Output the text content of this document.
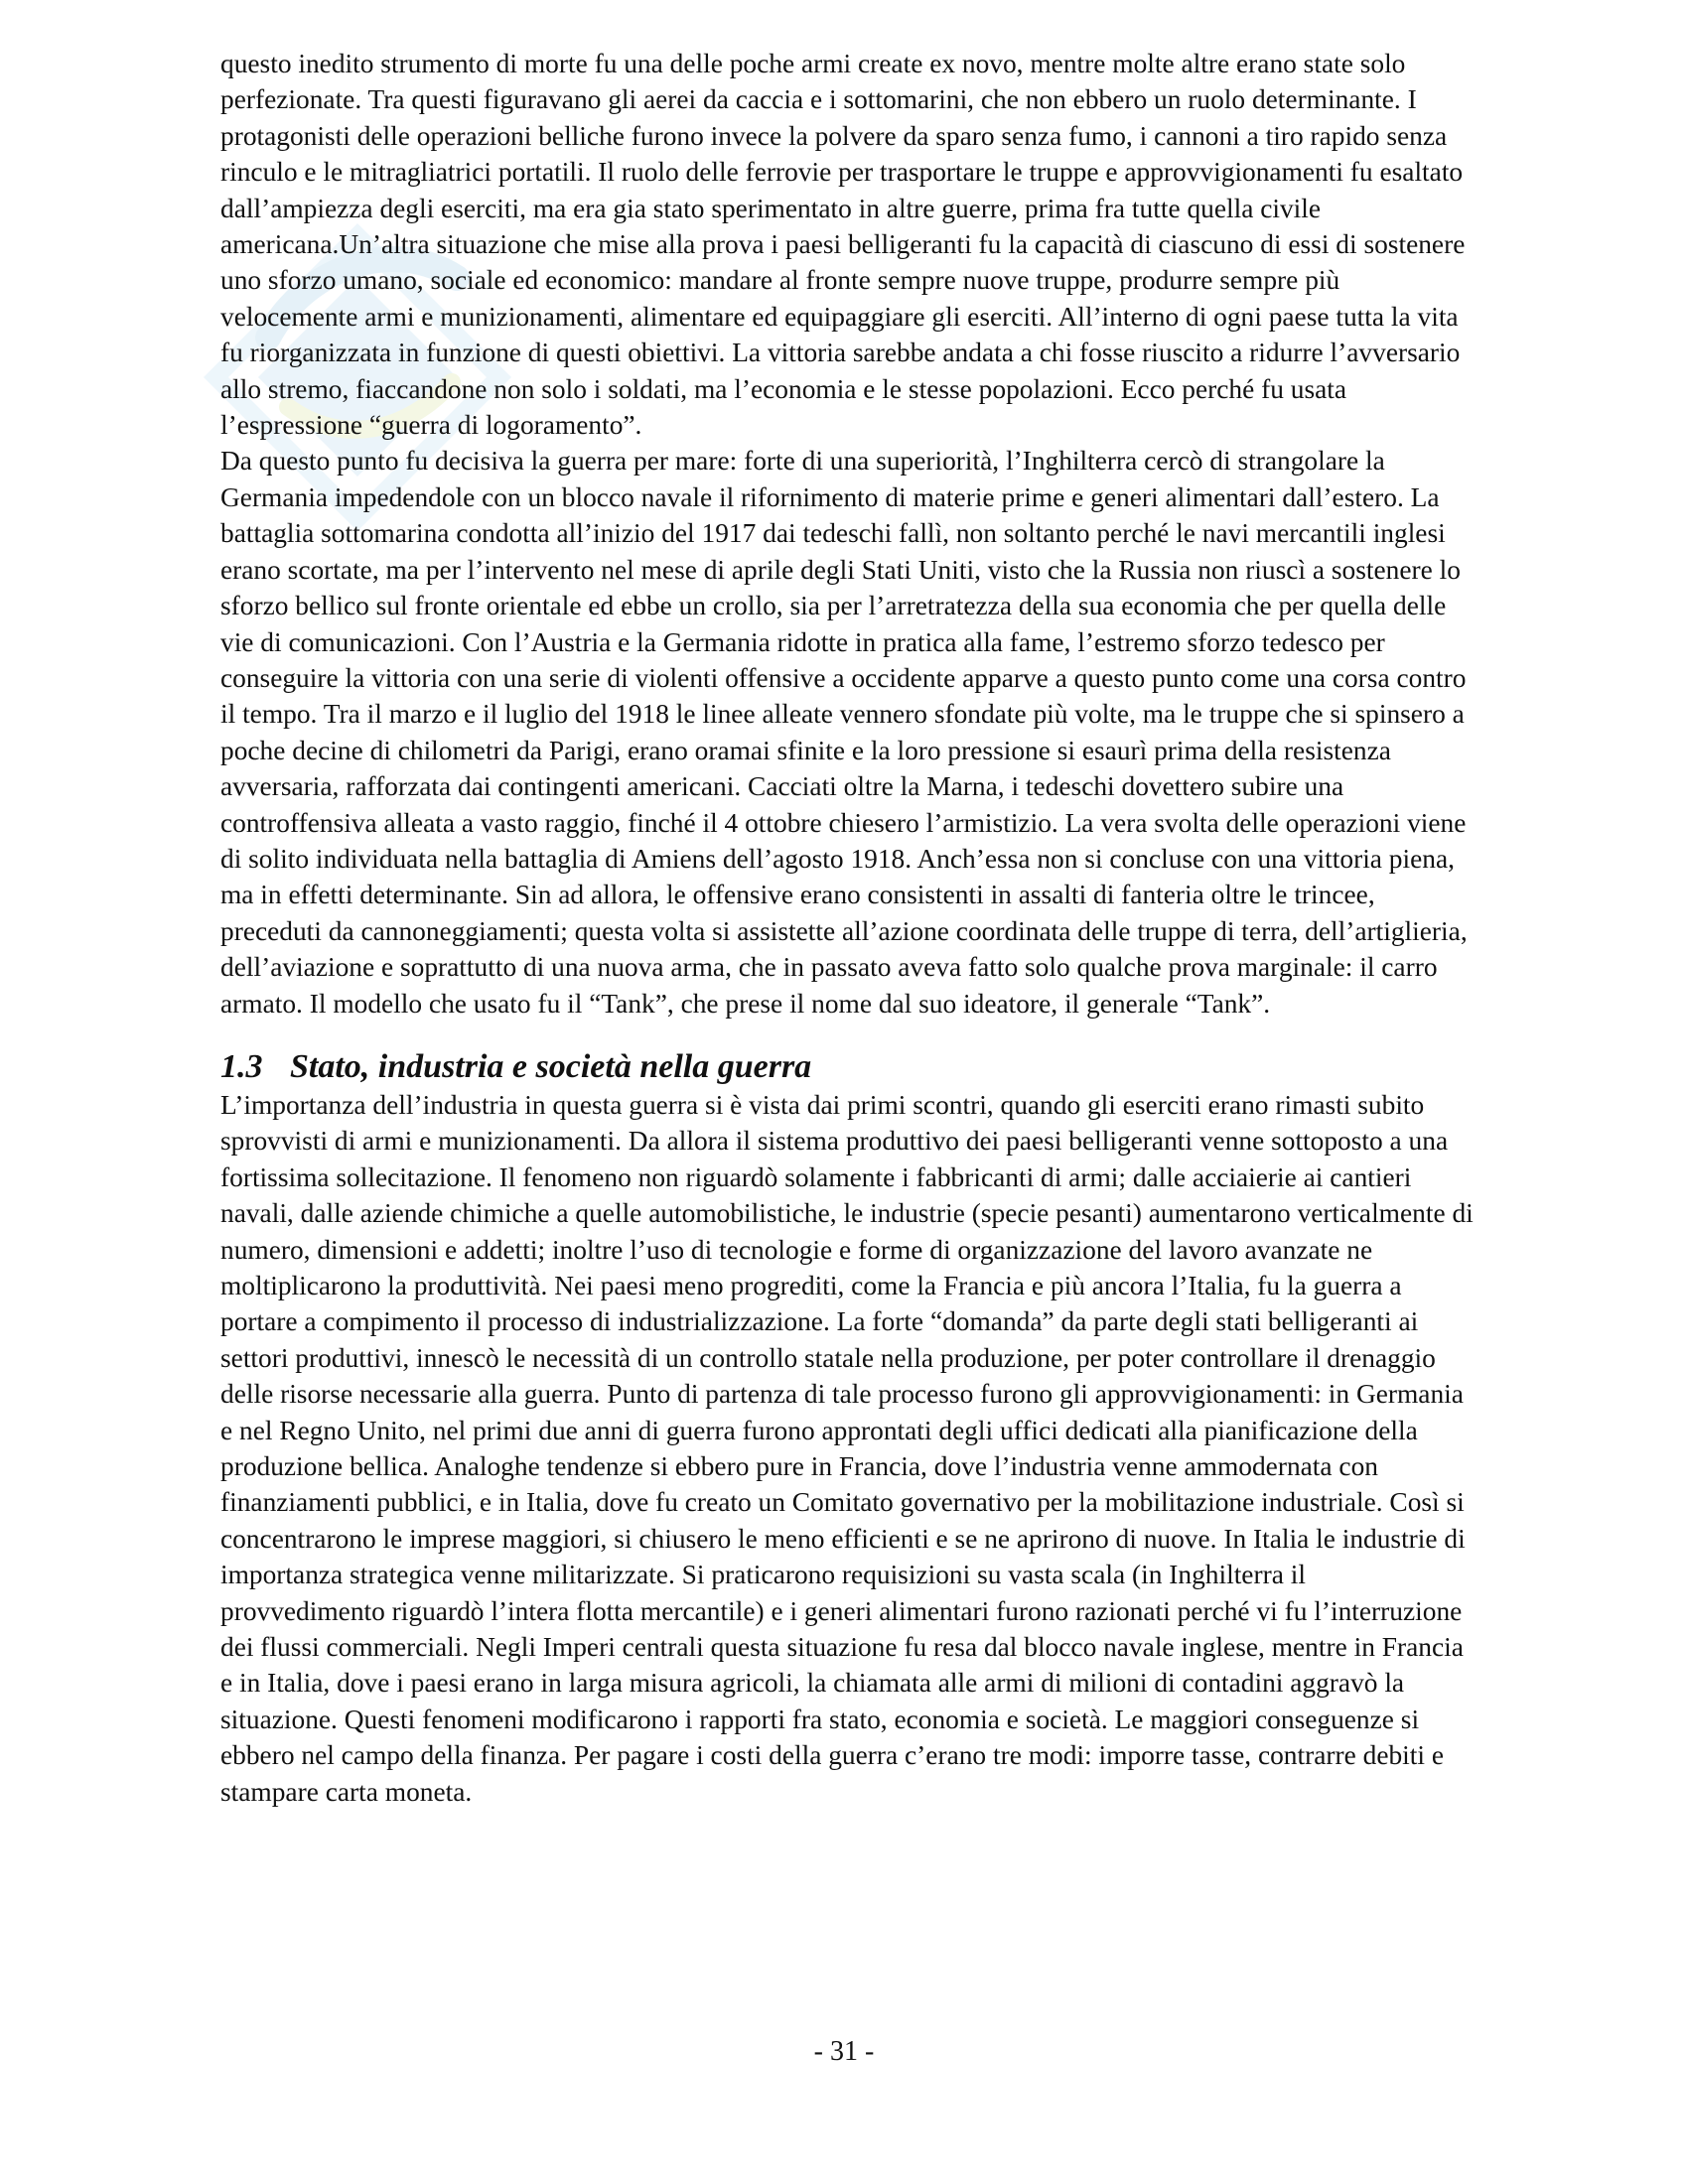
questo inedito strumento di morte fu una delle poche armi create ex novo, mentre molte altre erano state solo perfezionate. Tra questi figuravano gli aerei da caccia e i sottomarini, che non ebbero un ruolo determinante. I protagonisti delle operazioni belliche furono invece la polvere da sparo senza fumo, i cannoni a tiro rapido senza rinculo e le mitragliatrici portatili. Il ruolo delle ferrovie per trasportare le truppe e approvvigionamenti fu esaltato dall’ampiezza degli eserciti, ma era gia stato sperimentato in altre guerre, prima fra tutte quella civile americana.Un’altra situazione che mise alla prova i paesi belligeranti fu la capacità di ciascuno di essi di sostenere uno sforzo umano, sociale ed economico: mandare al fronte sempre nuove truppe, produrre sempre più velocemente armi e munizionamenti, alimentare ed equipaggiare gli eserciti. All’interno di ogni paese tutta la vita fu riorganizzata in funzione di questi obiettivi. La vittoria sarebbe andata a chi fosse riuscito a ridurre l’avversario allo stremo, fiaccandone non solo i soldati, ma l’economia e le stesse popolazioni. Ecco perché fu usata l’espressione “guerra di logoramento”.

Da questo punto fu decisiva la guerra per mare: forte di una superiorità, l’Inghilterra cercò di strangolare la Germania impedendole con un blocco navale il rifornimento di materie prime e generi alimentari dall’estero. La battaglia sottomarina condotta all’inizio del 1917 dai tedeschi fallì, non soltanto perché le navi mercantili inglesi erano scortate, ma per l’intervento nel mese di aprile degli Stati Uniti, visto che la Russia non riuscì a sostenere lo sforzo bellico sul fronte orientale ed ebbe un crollo, sia per l’arretratezza della sua economia che per quella delle vie di comunicazioni. Con l’Austria e la Germania ridotte in pratica alla fame, l’estremo sforzo tedesco per conseguire la vittoria con una serie di violenti offensive a occidente apparve a questo punto come una corsa contro il tempo. Tra il marzo e il luglio del 1918 le linee alleate vennero sfondate più volte, ma le truppe che si spinsero a poche decine di chilometri da Parigi, erano oramai sfinite e la loro pressione si esaurì prima della resistenza avversaria, rafforzata dai contingenti americani. Cacciati oltre la Marna, i tedeschi dovettero subire una controffensiva alleata a vasto raggio, finché il 4 ottobre chiesero l’armistizio. La vera svolta delle operazioni viene di solito individuata nella battaglia di Amiens dell’agosto 1918. Anch’essa non si concluse con una vittoria piena, ma in effetti determinante. Sin ad allora, le offensive erano consistenti in assalti di fanteria oltre le trincee, preceduti da cannoneggiamenti; questa volta si assistette all’azione coordinata delle truppe di terra, dell’artiglieria, dell’aviazione e soprattutto di una nuova arma, che in passato aveva fatto solo qualche prova marginale: il carro armato. Il modello che usato fu il “Tank”, che prese il nome dal suo ideatore, il generale “Tank”.

1.3 Stato, industria e società nella guerra

L’importanza dell’industria in questa guerra si è vista dai primi scontri, quando gli eserciti erano rimasti subito sprovvisti di armi e munizionamenti. Da allora il sistema produttivo dei paesi belligeranti venne sottoposto a una fortissima sollecitazione. Il fenomeno non riguardò solamente i fabbricanti di armi; dalle acciaierie ai cantieri navali, dalle aziende chimiche a quelle automobilistiche, le industrie (specie pesanti) aumentarono verticalmente di numero, dimensioni e addetti; inoltre l’uso di tecnologie e forme di organizzazione del lavoro avanzate ne moltiplicarono la produttività. Nei paesi meno progrediti, come la Francia e più ancora l’Italia, fu la guerra a portare a compimento il processo di industrializzazione. La forte “domanda” da parte degli stati belligeranti ai settori produttivi, innescò le necessità di un controllo statale nella produzione, per poter controllare il drenaggio delle risorse necessarie alla guerra. Punto di partenza di tale processo furono gli approvvigionamenti: in Germania e nel Regno Unito, nel primi due anni di guerra furono approntati degli uffici dedicati alla pianificazione della produzione bellica. Analoghe tendenze si ebbero pure in Francia, dove l’industria venne ammodernata con finanziamenti pubblici, e in Italia, dove fu creato un Comitato governativo per la mobilitazione industriale. Così si concentrarono le imprese maggiori, si chiusero le meno efficienti e se ne aprirono di nuove. In Italia le industrie di importanza strategica venne militarizzate. Si praticarono requisizioni su vasta scala (in Inghilterra il provvedimento riguardò l’intera flotta mercantile) e i generi alimentari furono razionati perché vi fu l’interruzione dei flussi commerciali. Negli Imperi centrali questa situazione fu resa dal blocco navale inglese, mentre in Francia e in Italia, dove i paesi erano in larga misura agricoli, la chiamata alle armi di milioni di contadini aggravò la situazione. Questi fenomeni modificarono i rapporti fra stato, economia e società. Le maggiori conseguenze si ebbero nel campo della finanza. Per pagare i costi della guerra c’erano tre modi: imporre tasse, contrarre debiti e stampare carta moneta.

- 31 -
